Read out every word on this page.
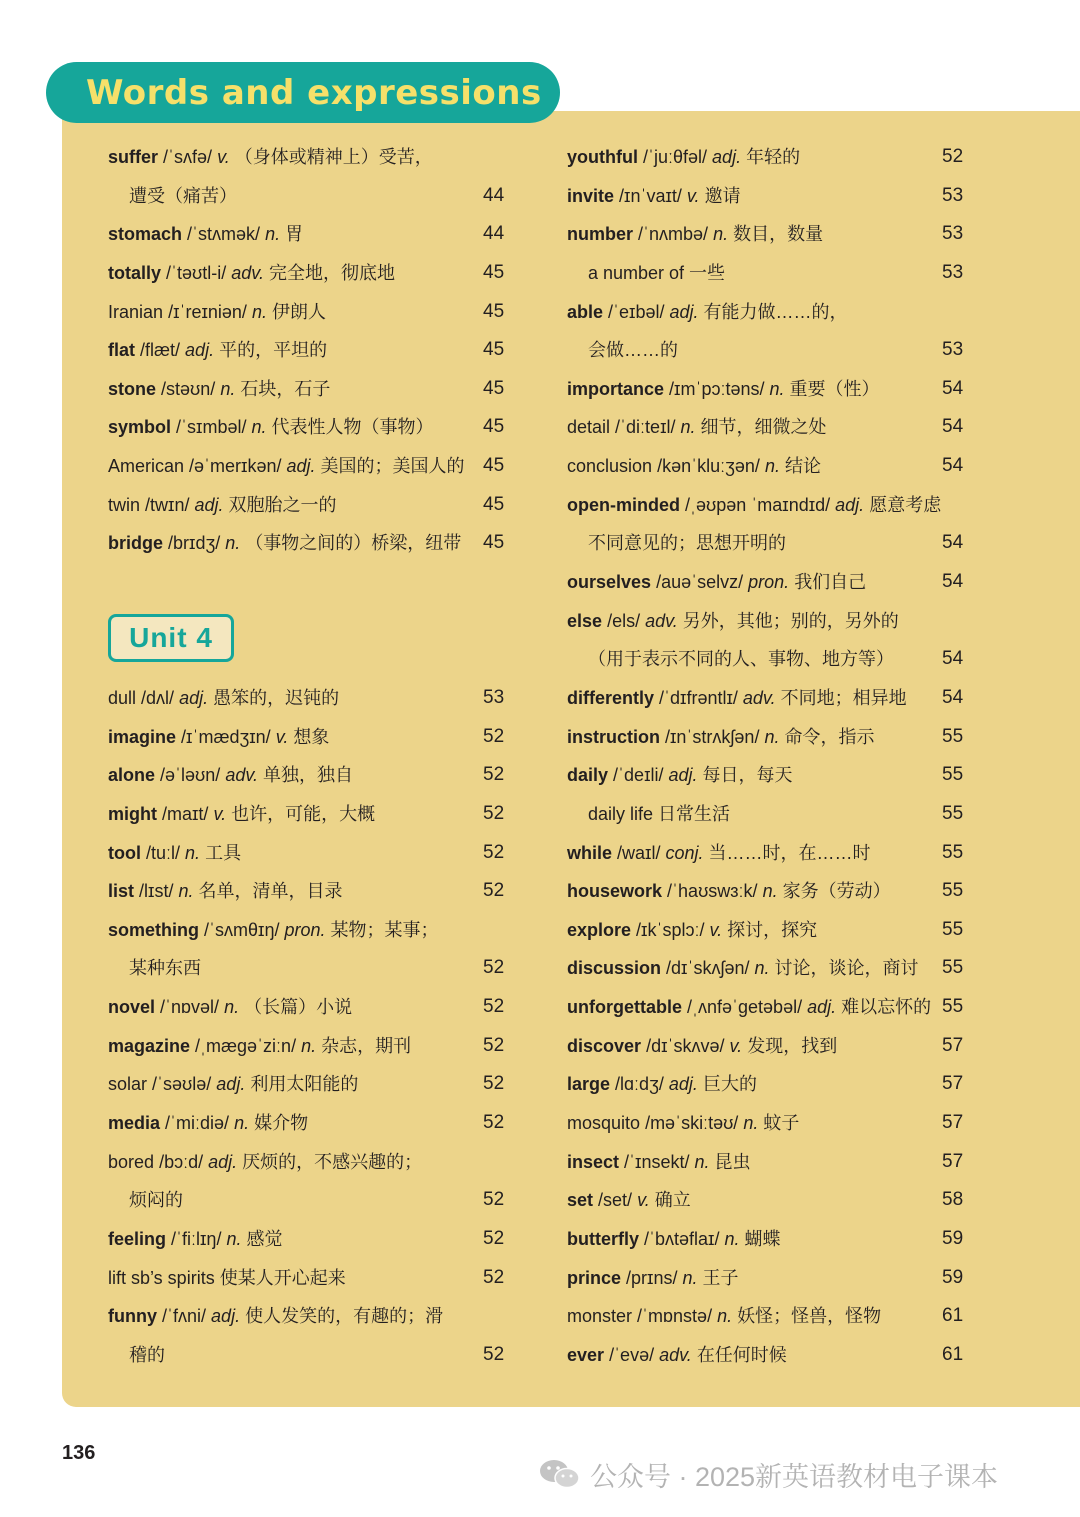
Words and expressions
suffer /ˈsʌfə/ v. （身体或精神上）受苦，
遭受（痛苦）	44
stomach /ˈstʌmək/ n. 胃	44
totally /ˈtəʊtl-i/ adv. 完全地，彻底地	45
Iranian /ɪˈreɪniən/ n. 伊朗人	45
flat /flæt/ adj. 平的，平坦的	45
stone /stəʊn/ n. 石块，石子	45
symbol /ˈsɪmbəl/ n. 代表性人物（事物）	45
American /əˈmerɪkən/ adj. 美国的；美国人的 45
twin /twɪn/ adj. 双胞胎之一的	45
bridge /brɪdʒ/ n. （事物之间的）桥梁，纽带 45
Unit 4
dull /dʌl/ adj. 愚笨的，迟钝的	53
imagine /ɪˈmædʒɪn/ v. 想象	52
alone /əˈləʊn/ adv. 单独，独自	52
might /maɪt/ v. 也许，可能，大概	52
tool /tuːl/ n. 工具	52
list /lɪst/ n. 名单，清单，目录	52
something /ˈsʌmθɪŋ/ pron. 某物；某事；
某种东西	52
novel /ˈnɒvəl/ n. （长篇）小说	52
magazine /ˌmæɡəˈziːn/ n. 杂志，期刊	52
solar /ˈsəʊlə/ adj. 利用太阳能的	52
media /ˈmiːdiə/ n. 媒介物	52
bored /bɔːd/ adj. 厌烦的，不感兴趣的；
烦闷的	52
feeling /ˈfiːlɪŋ/ n. 感觉	52
lift sb’s spirits 使某人开心起来	52
funny /ˈfʌni/ adj. 使人发笑的，有趣的；滑
稽的	52
youthful /ˈjuːθfəl/ adj. 年轻的	52
invite /ɪnˈvaɪt/ v. 邀请	53
number /ˈnʌmbə/ n. 数目，数量	53
a number of 一些	53
able /ˈeɪbəl/ adj. 有能力做……的，
会做……的	53
importance /ɪmˈpɔːtəns/ n. 重要（性）	54
detail /ˈdiːteɪl/ n. 细节，细微之处	54
conclusion /kənˈkluːʒən/ n. 结论	54
open-minded /ˌəʊpən ˈmaɪndɪd/ adj. 愿意考虑
不同意见的；思想开明的	54
ourselves /auəˈselvz/ pron. 我们自己	54
else /els/ adv. 另外，其他；别的，另外的
（用于表示不同的人、事物、地方等）	54
differently /ˈdɪfrəntlɪ/ adv. 不同地；相异地 54
instruction /ɪnˈstrʌkʃən/ n. 命令，指示	55
daily /ˈdeɪli/ adj. 每日，每天	55
daily life 日常生活	55
while /waɪl/ conj. 当……时，在……时	55
housework /ˈhaʊswɜːk/ n. 家务（劳动）	55
explore /ɪkˈsplɔː/ v. 探讨，探究	55
discussion /dɪˈskʌʃən/ n. 讨论，谈论，商讨 55
unforgettable /ˌʌnfəˈɡetəbəl/ adj. 难以忘怀的 55
discover /dɪˈskʌvə/ v. 发现，找到	57
large /lɑːdʒ/ adj. 巨大的	57
mosquito /məˈskiːtəʊ/ n. 蚊子	57
insect /ˈɪnsekt/ n. 昆虫	57
set /set/ v. 确立	58
butterfly /ˈbʌtəflaɪ/ n. 蝴蝶	59
prince /prɪns/ n. 王子	59
monster /ˈmɒnstə/ n. 妖怪；怪兽，怪物	61
ever /ˈevə/ adv. 在任何时候	61
136
公众号 · 2025新英语教材电子课本
